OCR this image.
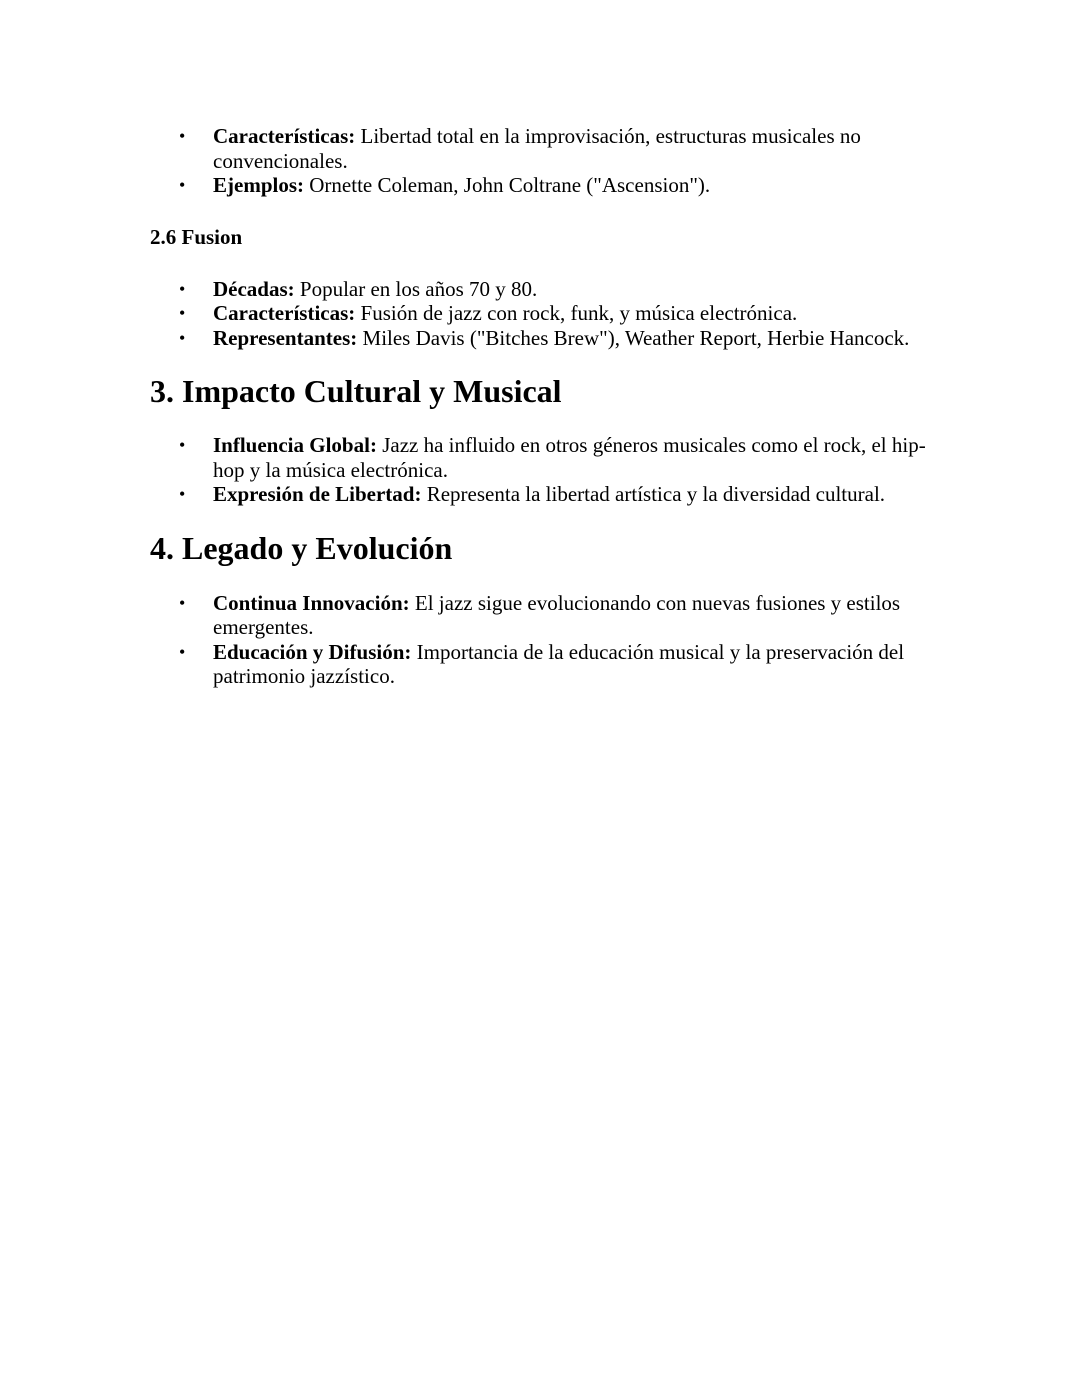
•	Características: Libertad total en la improvisación, estructuras musicales no convencionales.
•	Ejemplos: Ornette Coleman, John Coltrane ("Ascension").
2.6 Fusion
•	Décadas: Popular en los años 70 y 80.
•	Características: Fusión de jazz con rock, funk, y música electrónica.
•	Representantes: Miles Davis ("Bitches Brew"), Weather Report, Herbie Hancock.
3. Impacto Cultural y Musical
•	Influencia Global: Jazz ha influido en otros géneros musicales como el rock, el hip-hop y la música electrónica.
•	Expresión de Libertad: Representa la libertad artística y la diversidad cultural.
4. Legado y Evolución
•	Continua Innovación: El jazz sigue evolucionando con nuevas fusiones y estilos emergentes.
•	Educación y Difusión: Importancia de la educación musical y la preservación del patrimonio jazzístico.
